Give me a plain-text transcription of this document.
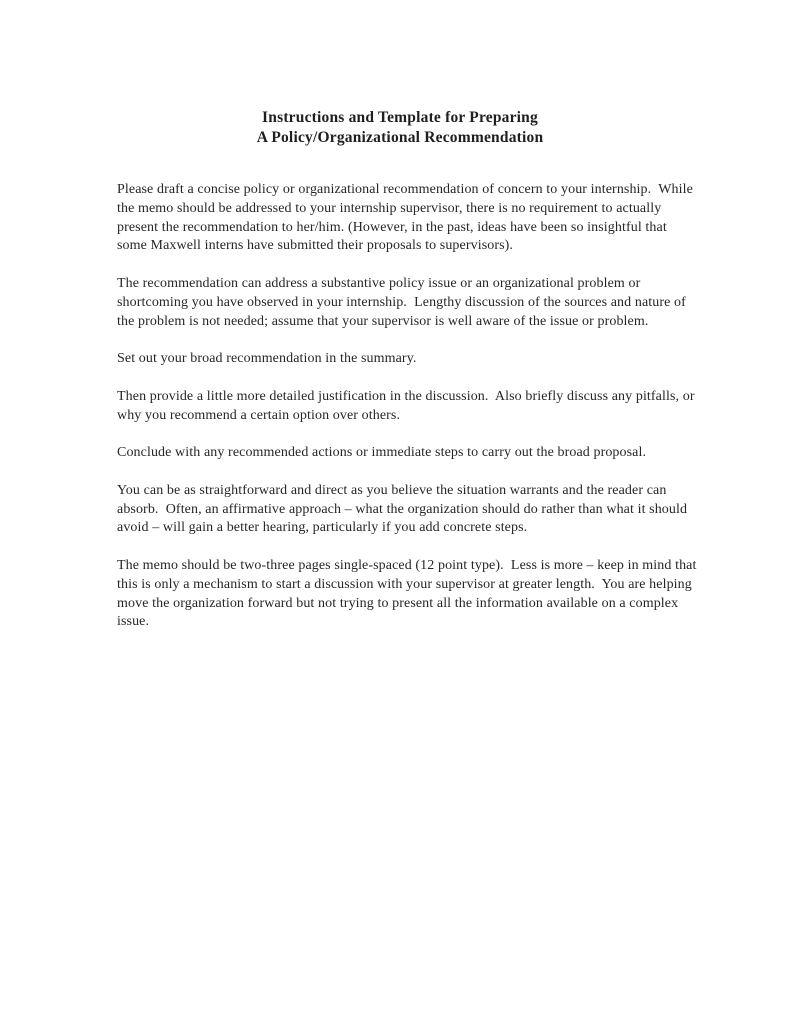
Instructions and Template for Preparing
A Policy/Organizational Recommendation

Please draft a concise policy or organizational recommendation of concern to your internship.  While the memo should be addressed to your internship supervisor, there is no requirement to actually present the recommendation to her/him. (However, in the past, ideas have been so insightful that some Maxwell interns have submitted their proposals to supervisors).

The recommendation can address a substantive policy issue or an organizational problem or shortcoming you have observed in your internship.  Lengthy discussion of the sources and nature of the problem is not needed; assume that your supervisor is well aware of the issue or problem.

Set out your broad recommendation in the summary.

Then provide a little more detailed justification in the discussion.  Also briefly discuss any pitfalls, or why you recommend a certain option over others.

Conclude with any recommended actions or immediate steps to carry out the broad proposal.

You can be as straightforward and direct as you believe the situation warrants and the reader can absorb.  Often, an affirmative approach – what the organization should do rather than what it should avoid – will gain a better hearing, particularly if you add concrete steps.

The memo should be two-three pages single-spaced (12 point type).  Less is more – keep in mind that this is only a mechanism to start a discussion with your supervisor at greater length.  You are helping move the organization forward but not trying to present all the information available on a complex issue.
